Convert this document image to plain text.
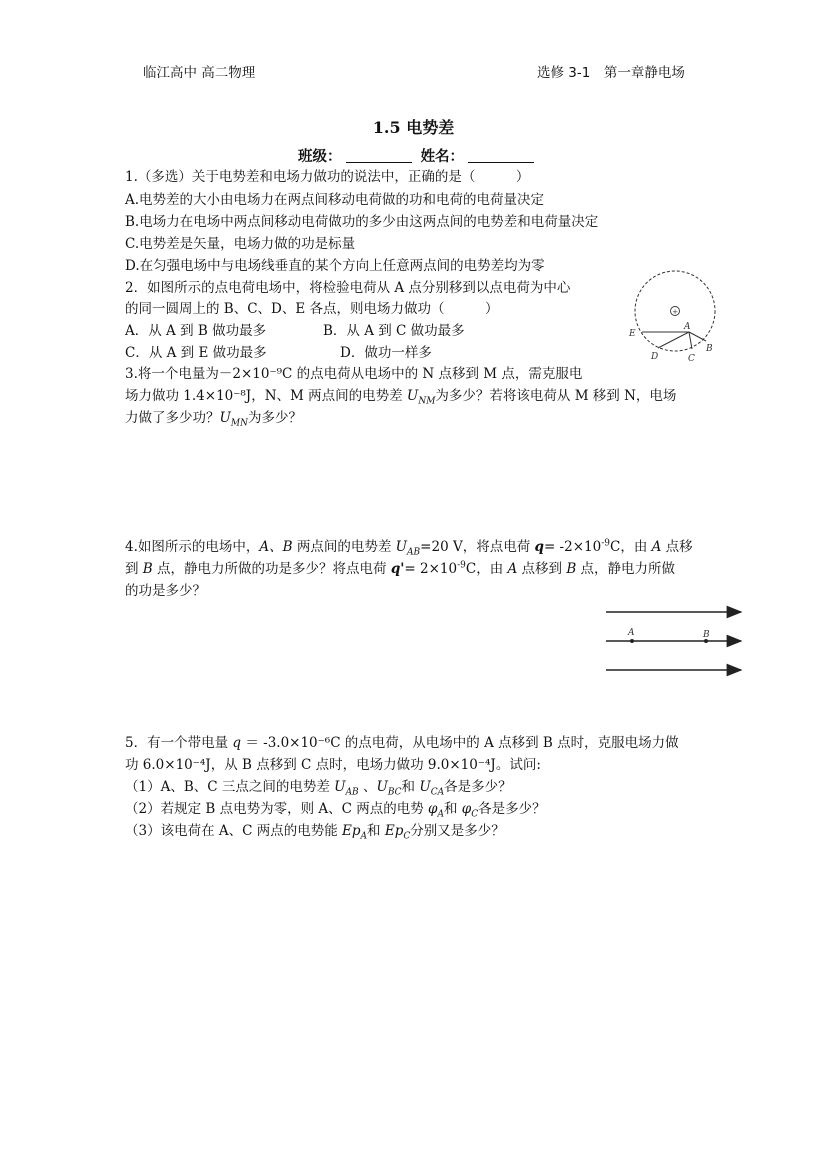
临江高中 高二物理	选修 3-1　第一章静电场
1.5 电势差
班级：	姓名：
1.（多选）关于电势差和电场力做功的说法中，正确的是（　　　）
A.电势差的大小由电场力在两点间移动电荷做的功和电荷的电荷量决定
B.电场力在电场中两点间移动电荷做功的多少由这两点间的电势差和电荷量决定
C.电势差是矢量，电场力做的功是标量
D.在匀强电场中与电场线垂直的某个方向上任意两点间的电势差均为零
2．如图所示的点电荷电场中，将检验电荷从 A 点分别移到以点电荷为中心
的同一圆周上的 B、C、D、E 各点，则电场力做功（　　　）
A．从 A 到 B 做功最多	B．从 A 到 C 做功最多
C．从 A 到 E 做功最多	D．做功一样多
+
E
A
B
D	C
3.将一个电量为－2×10⁻⁹C 的点电荷从电场中的 N 点移到 M 点，需克服电
场力做功 1.4×10⁻⁸J，N、M 两点间的电势差 $U_{NM}$为多少？若将该电荷从 M 移到 N，电场
力做了多少功？$U_{MN}$为多少？
4.如图所示的电场中，A、B 两点间的电势差 $U_{AB}=20$ V，将点电荷 $q= -2\times 10^{-9}C$，由 A 点移
到 B 点，静电力所做的功是多少？将点电荷 $q'= 2\times 10^{-9}C$，由 A 点移到 B 点，静电力所做
的功是多少？
A	B
5．有一个带电量 q ＝ -3.0×10⁻⁶C 的点电荷，从电场中的 A 点移到 B 点时，克服电场力做
功 6.0×10⁻⁴J，从 B 点移到 C 点时，电场力做功 9.0×10⁻⁴J。试问:
（1）A、B、C 三点之间的电势差 $U_{AB}$ 、$U_{BC}$和 $U_{CA}$各是多少？
（2）若规定 B 点电势为零，则 A、C 两点的电势 $\varphi_A$和 $\varphi_C$各是多少？
（3）该电荷在 A、C 两点的电势能 $Ep_A$和 $Ep_C$分别又是多少？
